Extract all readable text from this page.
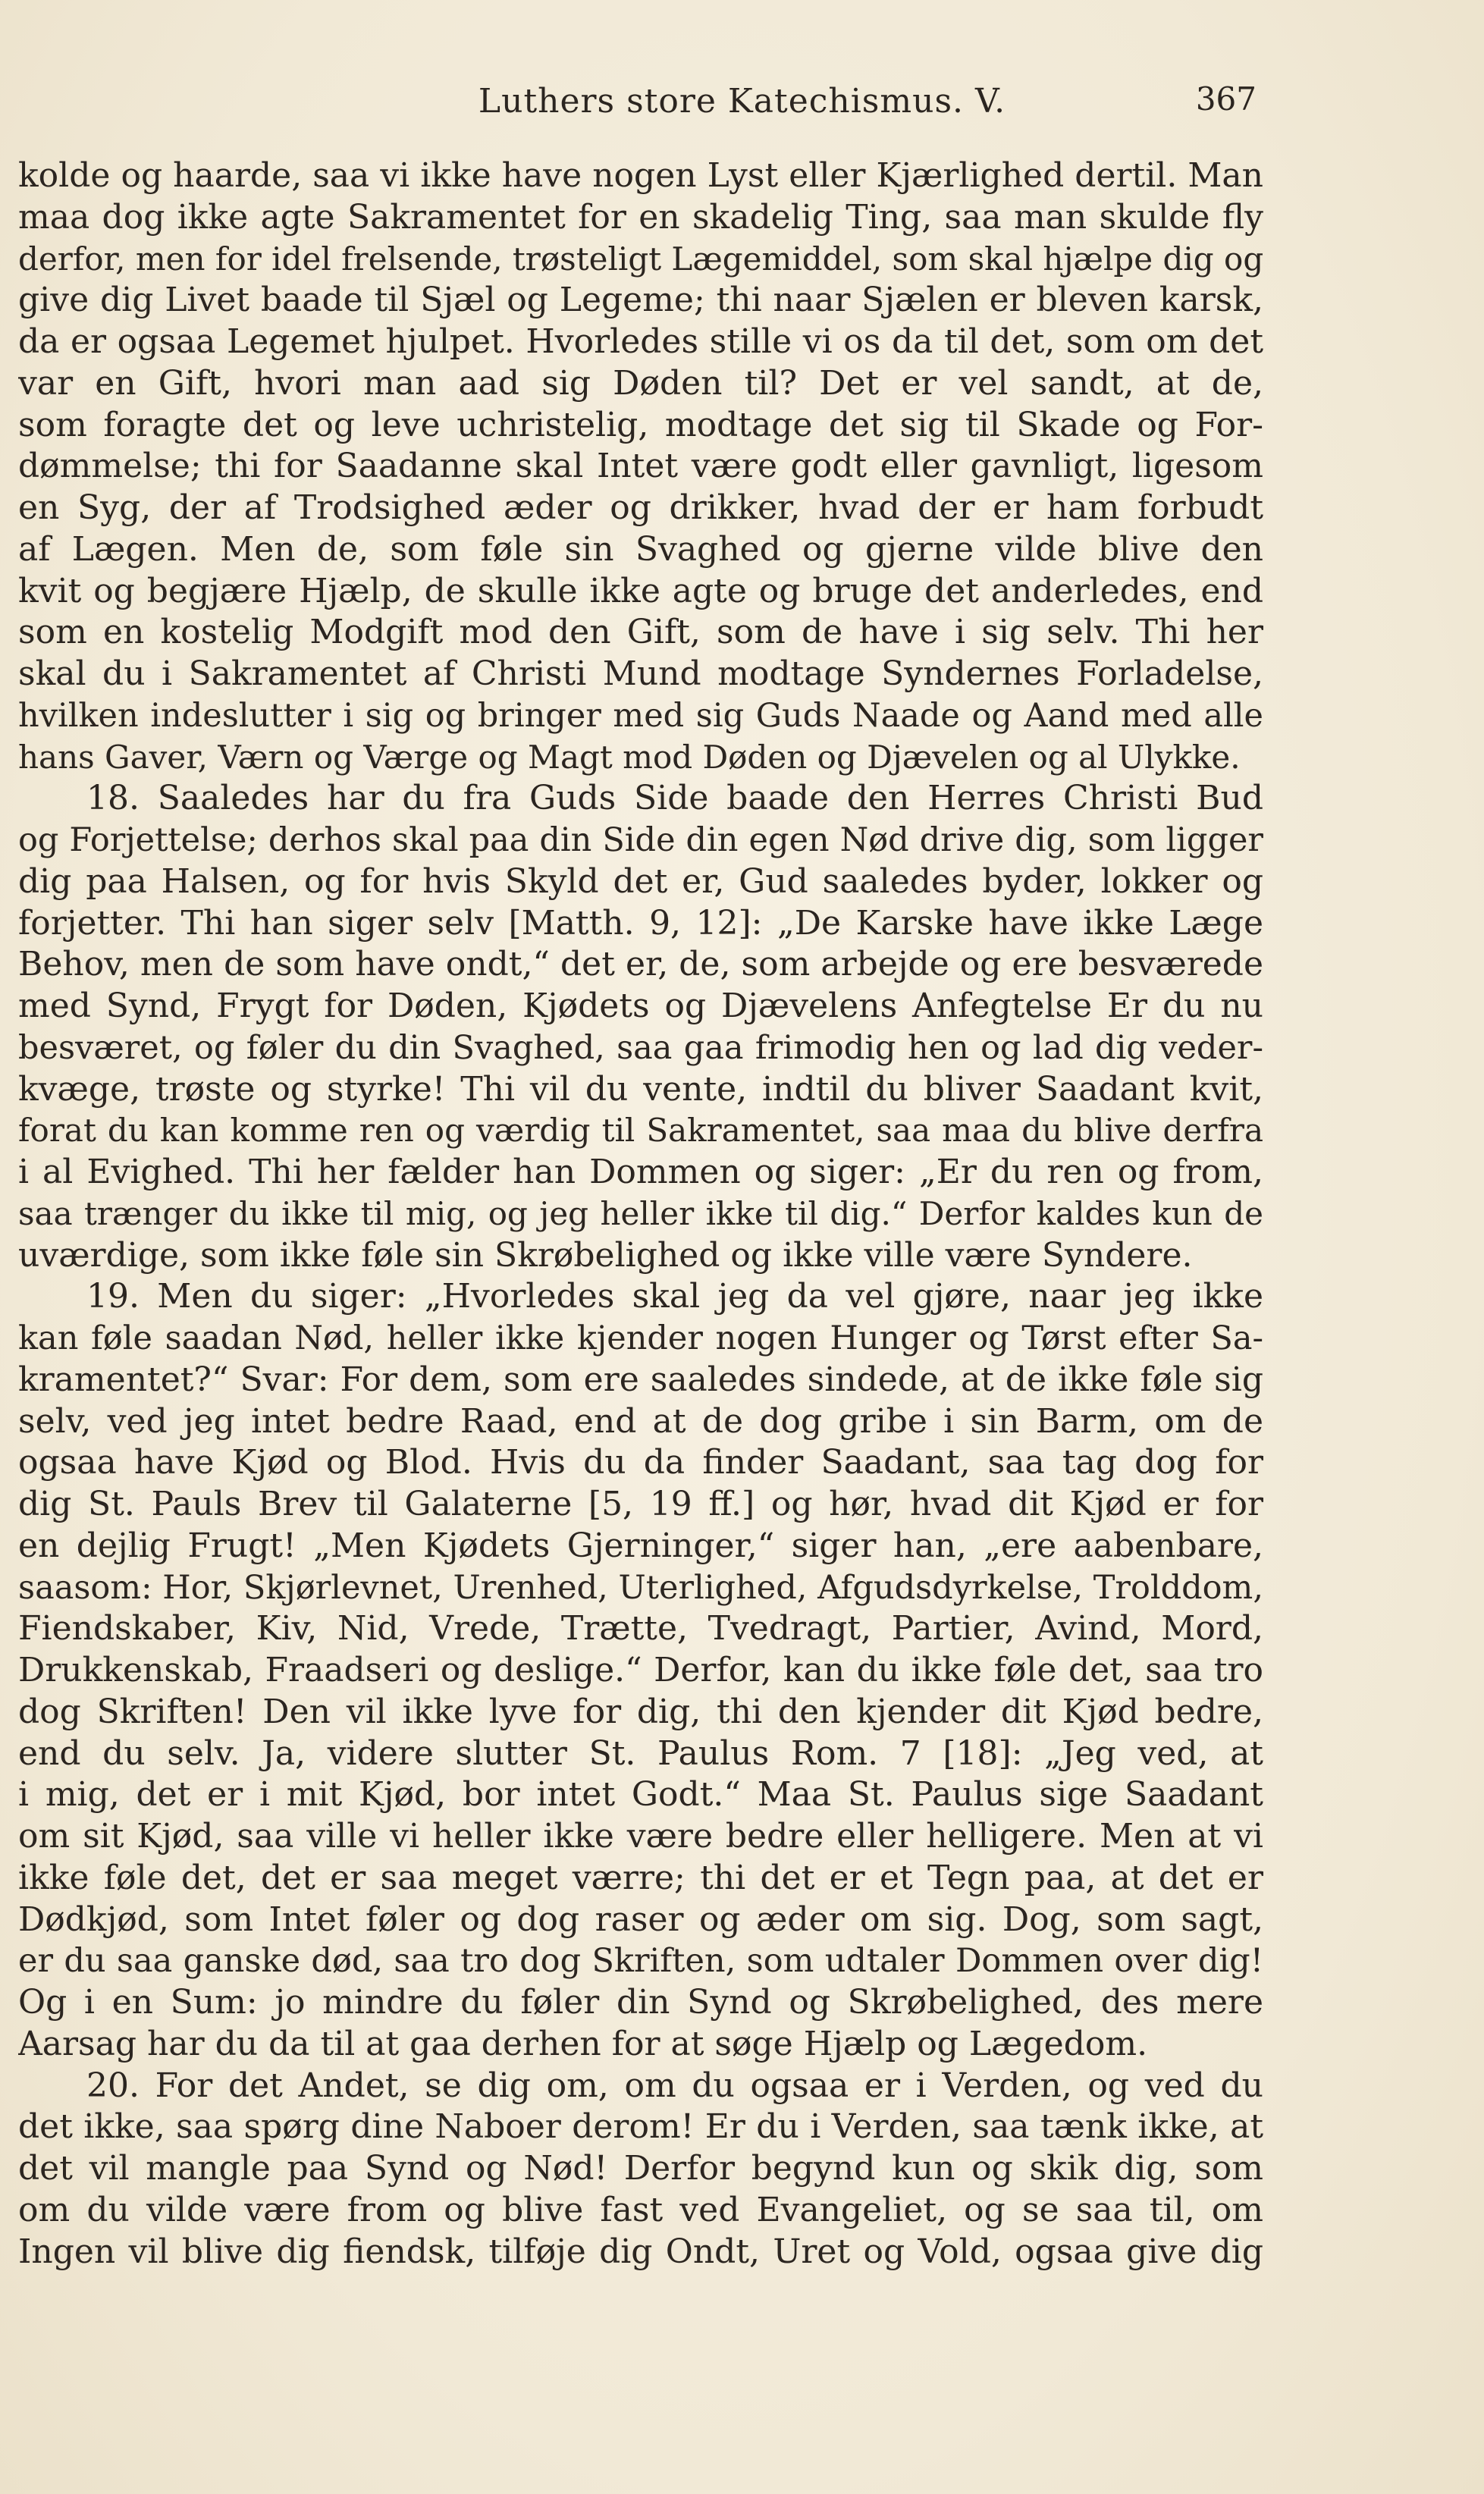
Luthers store Katechismus. V.	367
kolde og haarde, saa vi ikke have nogen Lyst eller Kjærlighed dertil. Man
maa dog ikke agte Sakramentet for en skadelig Ting, saa man skulde fly
derfor, men for idel frelsende, trøsteligt Lægemiddel, som skal hjælpe dig og
give dig Livet baade til Sjæl og Legeme; thi naar Sjælen er bleven karsk,
da er ogsaa Legemet hjulpet. Hvorledes stille vi os da til det, som om det
var en Gift, hvori man aad sig Døden til? Det er vel sandt, at de,
som foragte det og leve uchristelig, modtage det sig til Skade og For-
dømmelse; thi for Saadanne skal Intet være godt eller gavnligt, ligesom
en Syg, der af Trodsighed æder og drikker, hvad der er ham forbudt
af Lægen. Men de, som føle sin Svaghed og gjerne vilde blive den
kvit og begjære Hjælp, de skulle ikke agte og bruge det anderledes, end
som en kostelig Modgift mod den Gift, som de have i sig selv. Thi her
skal du i Sakramentet af Christi Mund modtage Syndernes Forladelse,
hvilken indeslutter i sig og bringer med sig Guds Naade og Aand med alle
hans Gaver, Værn og Værge og Magt mod Døden og Djævelen og al Ulykke.
18. Saaledes har du fra Guds Side baade den Herres Christi Bud
og Forjettelse; derhos skal paa din Side din egen Nød drive dig, som ligger
dig paa Halsen, og for hvis Skyld det er, Gud saaledes byder, lokker og
forjetter. Thi han siger selv [Matth. 9, 12]: „De Karske have ikke Læge
Behov, men de som have ondt,“ det er, de, som arbejde og ere besværede
med Synd, Frygt for Døden, Kjødets og Djævelens Anfegtelse Er du nu
besværet, og føler du din Svaghed, saa gaa frimodig hen og lad dig veder-
kvæge, trøste og styrke! Thi vil du vente, indtil du bliver Saadant kvit,
forat du kan komme ren og værdig til Sakramentet, saa maa du blive derfra
i al Evighed. Thi her fælder han Dommen og siger: „Er du ren og from,
saa trænger du ikke til mig, og jeg heller ikke til dig.“ Derfor kaldes kun de
uværdige, som ikke føle sin Skrøbelighed og ikke ville være Syndere.
19. Men du siger: „Hvorledes skal jeg da vel gjøre, naar jeg ikke
kan føle saadan Nød, heller ikke kjender nogen Hunger og Tørst efter Sa-
kramentet?“ Svar: For dem, som ere saaledes sindede, at de ikke føle sig
selv, ved jeg intet bedre Raad, end at de dog gribe i sin Barm, om de
ogsaa have Kjød og Blod. Hvis du da finder Saadant, saa tag dog for
dig St. Pauls Brev til Galaterne [5, 19 ff.] og hør, hvad dit Kjød er for
en dejlig Frugt! „Men Kjødets Gjerninger,“ siger han, „ere aabenbare,
saasom: Hor, Skjørlevnet, Urenhed, Uterlighed, Afgudsdyrkelse, Trolddom,
Fiendskaber, Kiv, Nid, Vrede, Trætte, Tvedragt, Partier, Avind, Mord,
Drukkenskab, Fraadseri og deslige.“ Derfor, kan du ikke føle det, saa tro
dog Skriften! Den vil ikke lyve for dig, thi den kjender dit Kjød bedre,
end du selv. Ja, videre slutter St. Paulus Rom. 7 [18]: „Jeg ved, at
i mig, det er i mit Kjød, bor intet Godt.“ Maa St. Paulus sige Saadant
om sit Kjød, saa ville vi heller ikke være bedre eller helligere. Men at vi
ikke føle det, det er saa meget værre; thi det er et Tegn paa, at det er
Dødkjød, som Intet føler og dog raser og æder om sig. Dog, som sagt,
er du saa ganske død, saa tro dog Skriften, som udtaler Dommen over dig!
Og i en Sum: jo mindre du føler din Synd og Skrøbelighed, des mere
Aarsag har du da til at gaa derhen for at søge Hjælp og Lægedom.
20. For det Andet, se dig om, om du ogsaa er i Verden, og ved du
det ikke, saa spørg dine Naboer derom! Er du i Verden, saa tænk ikke, at
det vil mangle paa Synd og Nød! Derfor begynd kun og skik dig, som
om du vilde være from og blive fast ved Evangeliet, og se saa til, om
Ingen vil blive dig fiendsk, tilføje dig Ondt, Uret og Vold, ogsaa give dig
